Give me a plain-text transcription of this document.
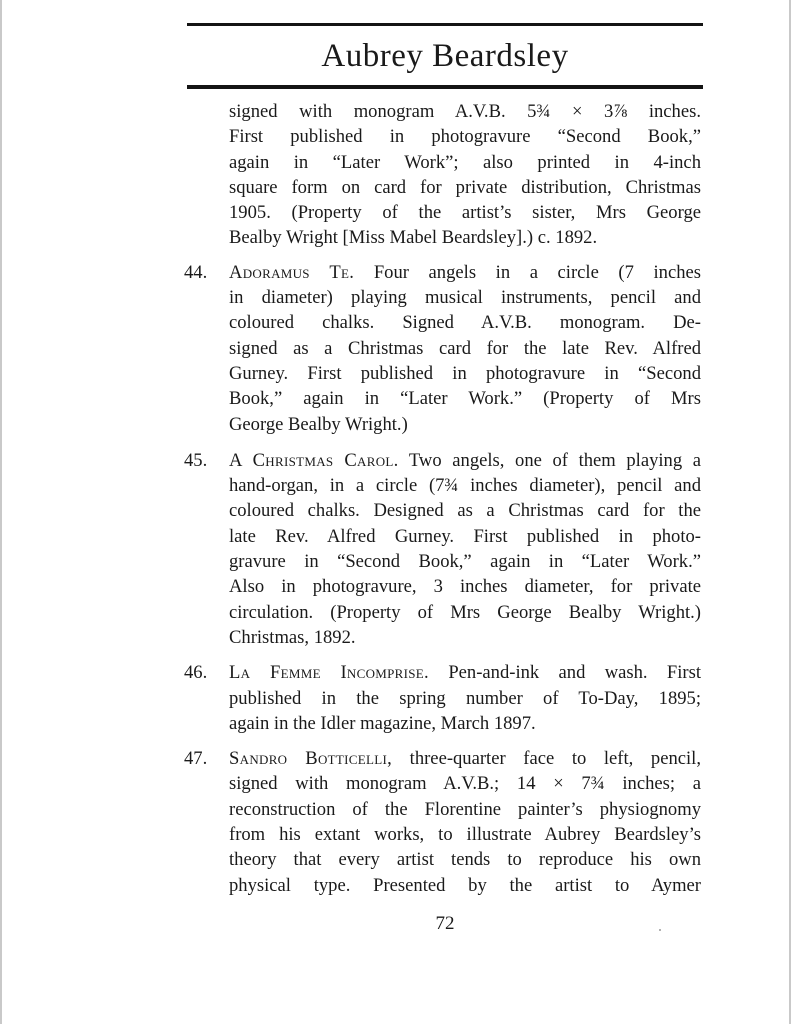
Aubrey Beardsley
signed with monogram A.V.B. 5¾ × 3⅞ inches.
First published in photogravure “Second Book,”
again in “Later Work”; also printed in 4-inch
square form on card for private distribution, Christmas
1905. (Property of the artist’s sister, Mrs George
Bealby Wright [Miss Mabel Beardsley].) c. 1892.
44.	Adoramus Te. Four angels in a circle (7 inches
in diameter) playing musical instruments, pencil and
coloured chalks. Signed A.V.B. monogram. De-
signed as a Christmas card for the late Rev. Alfred
Gurney. First published in photogravure in “Second
Book,” again in “Later Work.” (Property of Mrs
George Bealby Wright.)
45.	A Christmas Carol. Two angels, one of them playing a
hand-organ, in a circle (7¾ inches diameter), pencil and
coloured chalks. Designed as a Christmas card for the
late Rev. Alfred Gurney. First published in photo-
gravure in “Second Book,” again in “Later Work.”
Also in photogravure, 3 inches diameter, for private
circulation. (Property of Mrs George Bealby Wright.)
Christmas, 1892.
46.	La Femme Incomprise. Pen-and-ink and wash. First
published in the spring number of To-Day, 1895;
again in the Idler magazine, March 1897.
47.	Sandro Botticelli, three-quarter face to left, pencil,
signed with monogram A.V.B.; 14 × 7¾ inches; a
reconstruction of the Florentine painter’s physiognomy
from his extant works, to illustrate Aubrey Beardsley’s
theory that every artist tends to reproduce his own
physical type. Presented by the artist to Aymer
72
